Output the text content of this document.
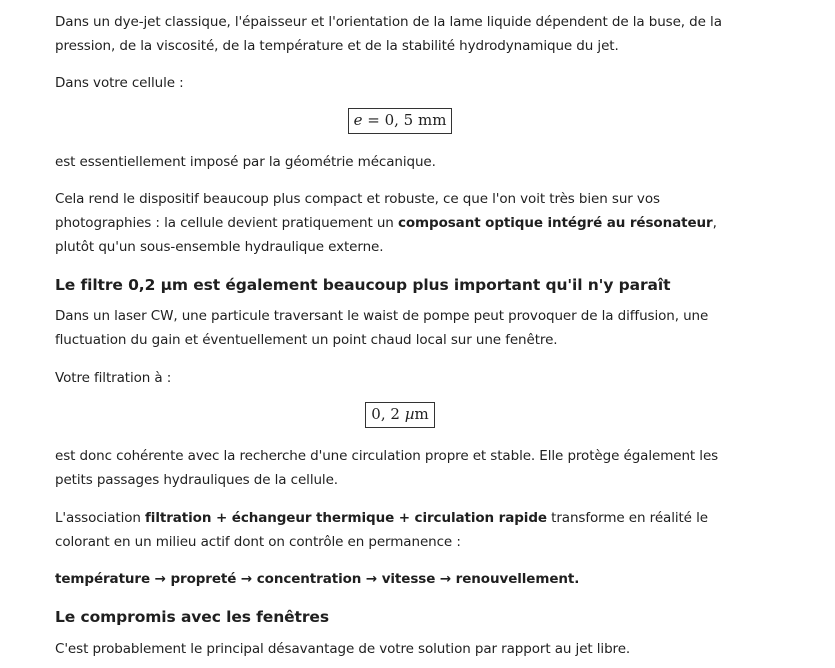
Dans un dye-jet classique, l'épaisseur et l'orientation de la lame liquide dépendent de la buse, de la pression, de la viscosité, de la température et de la stabilité hydrodynamique du jet.

Dans votre cellule :

e = 0, 5 mm

est essentiellement imposé par la géométrie mécanique.

Cela rend le dispositif beaucoup plus compact et robuste, ce que l'on voit très bien sur vos photographies : la cellule devient pratiquement un composant optique intégré au résonateur, plutôt qu'un sous-ensemble hydraulique externe.

Le filtre 0,2 µm est également beaucoup plus important qu'il n'y paraît

Dans un laser CW, une particule traversant le waist de pompe peut provoquer de la diffusion, une fluctuation du gain et éventuellement un point chaud local sur une fenêtre.

Votre filtration à :

0, 2 µm

est donc cohérente avec la recherche d'une circulation propre et stable. Elle protège également les petits passages hydrauliques de la cellule.

L'association filtration + échangeur thermique + circulation rapide transforme en réalité le colorant en un milieu actif dont on contrôle en permanence :

température → propreté → concentration → vitesse → renouvellement.

Le compromis avec les fenêtres

C'est probablement le principal désavantage de votre solution par rapport au jet libre.
